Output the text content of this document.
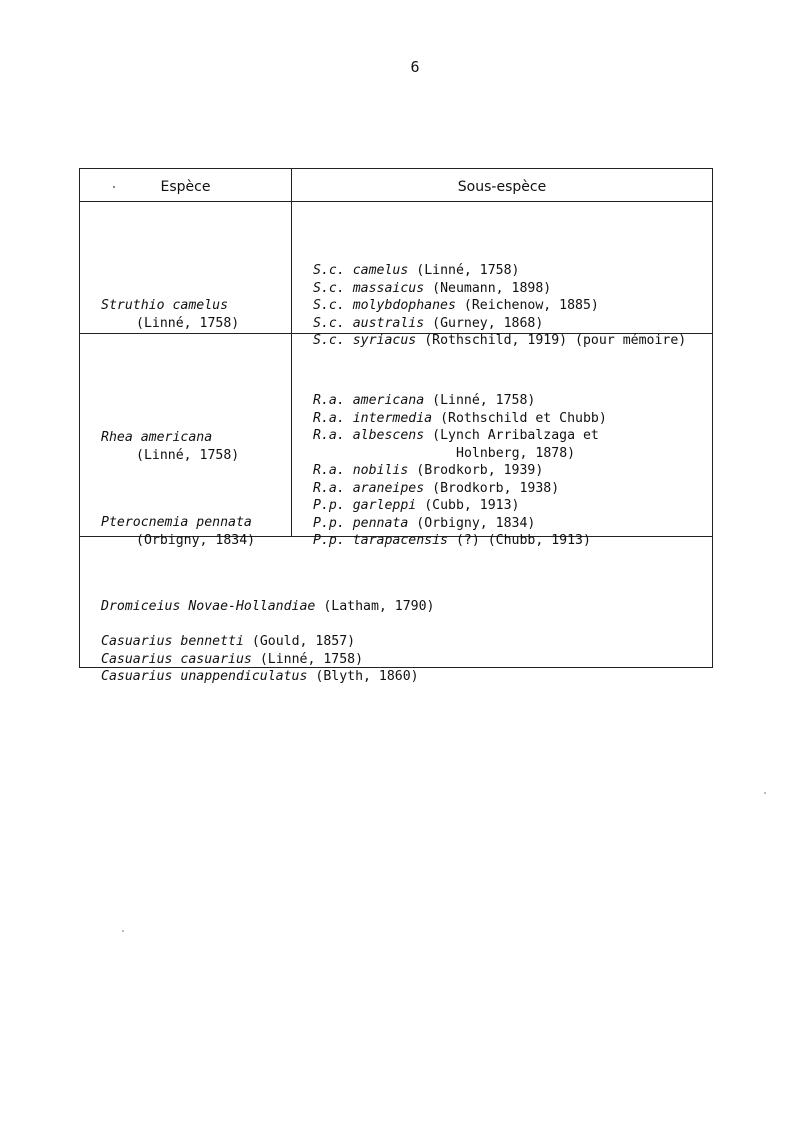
6
Espèce	Sous-espèce

Struthio camelus
(Linné, 1758)

S.c. camelus (Linné, 1758)
S.c. massaicus (Neumann, 1898)
S.c. molybdophanes (Reichenow, 1885)
S.c. australis (Gurney, 1868)
S.c. syriacus (Rothschild, 1919) (pour mémoire)

Rhea americana
(Linné, 1758)

Pterocnemia pennata
(Orbigny, 1834)

R.a. americana (Linné, 1758)
R.a. intermedia (Rothschild et Chubb)
R.a. albescens (Lynch Arribalzaga et
Holnberg, 1878)
R.a. nobilis (Brodkorb, 1939)
R.a. araneipes (Brodkorb, 1938)
P.p. garleppi (Cubb, 1913)
P.p. pennata (Orbigny, 1834)
P.p. tarapacensis (?) (Chubb, 1913)

Dromiceius Novae-Hollandiae (Latham, 1790)
Casuarius bennetti (Gould, 1857)
Casuarius casuarius (Linné, 1758)
Casuarius unappendiculatus (Blyth, 1860)
